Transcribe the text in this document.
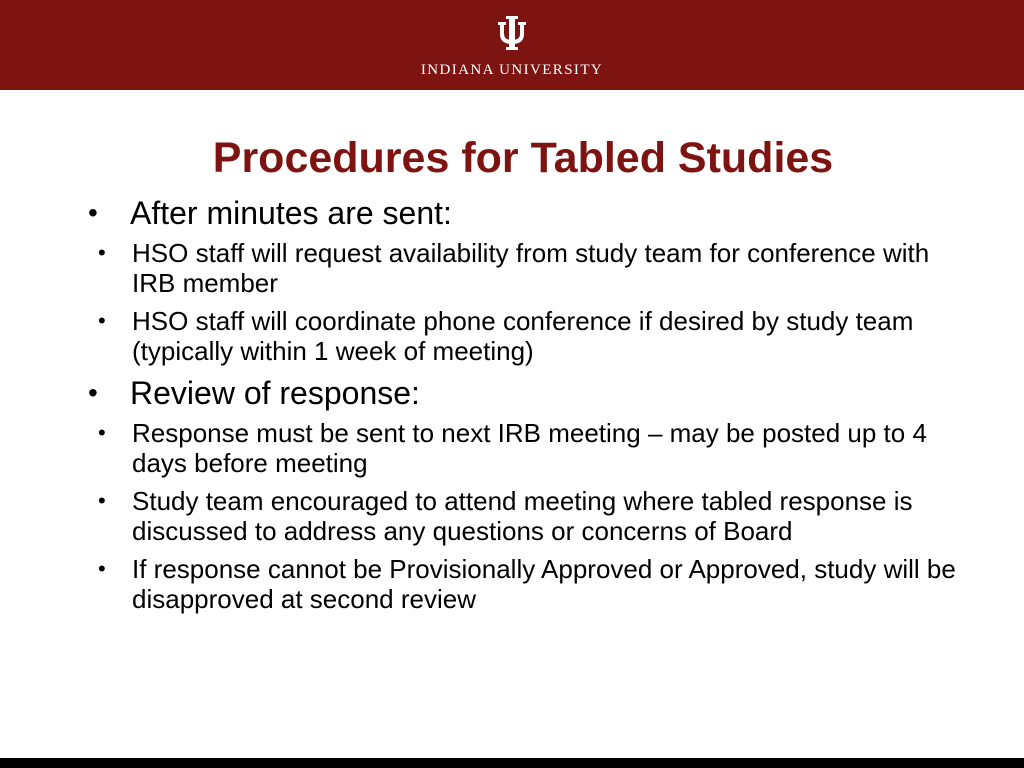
INDIANA UNIVERSITY
Procedures for Tabled Studies
• After minutes are sent:
• HSO staff will request availability from study team for conference with IRB member
• HSO staff will coordinate phone conference if desired by study team (typically within 1 week of meeting)
• Review of response:
• Response must be sent to next IRB meeting – may be posted up to 4 days before meeting
• Study team encouraged to attend meeting where tabled response is discussed to address any questions or concerns of Board
• If response cannot be Provisionally Approved or Approved, study will be disapproved at second review
